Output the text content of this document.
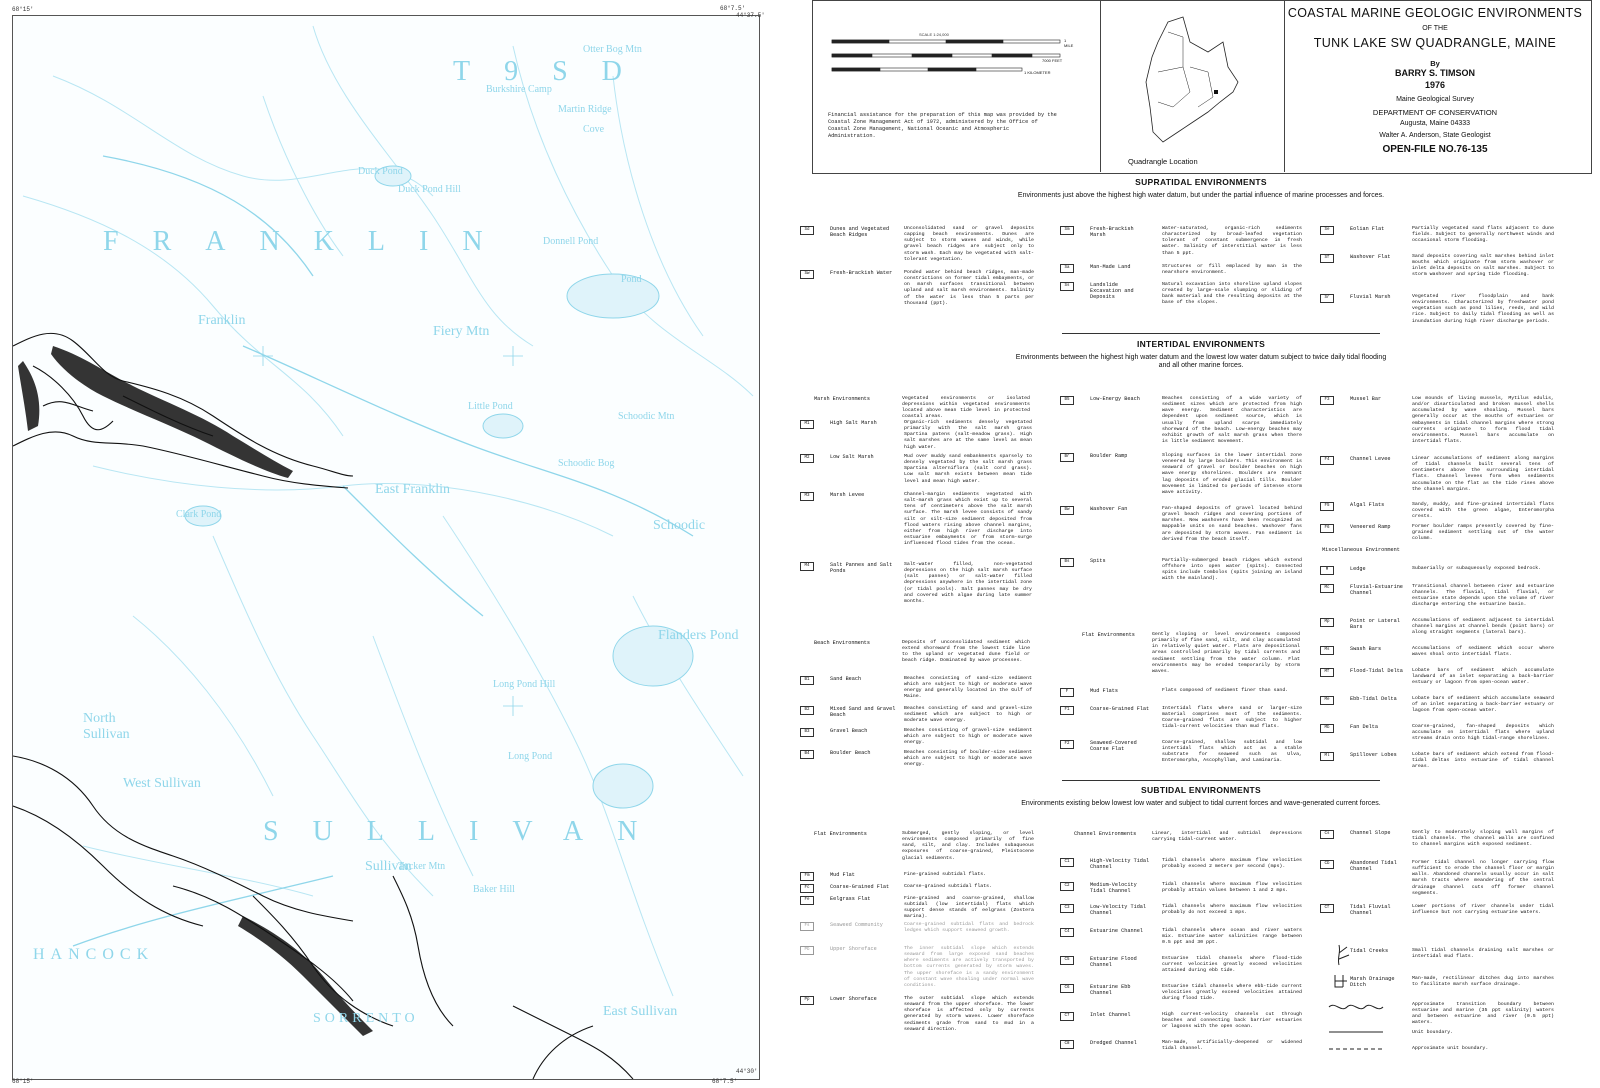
T9SD
FRANKLIN
SULLIVAN
HANCOCK
SORRENTO
Franklin
East Franklin
North Sullivan
West Sullivan
Sullivan
Fiery Mtn
Duck Pond
Duck Pond Hill
Martin Ridge
Cove
Schoodic Bog
Schoodic
Schoodic Mtn
Flanders Pond
Long Pond Hill
Long Pond
Little Pond
Clark Pond
Tucker Mtn
Baker Hill
East Sullivan
Otter Bog Mtn
Burkshire Camp
Donnell Pond
Pond
68°15'	68°7.5'
44°37.5'
68°15'	68°7.5'
44°30'
SCALE 1:24,000
1 MILE
7000 FEET
1 KILOMETER
Financial assistance for the preparation of this map was provided by the Coastal Zone Management Act of 1972, administered by the Office of Coastal Zone Management, National Oceanic and Atmospheric Administration.
Quadrangle Location
COASTAL MARINE GEOLOGIC ENVIRONMENTS
OF THE
TUNK LAKE SW QUADRANGLE, MAINE
By
BARRY S. TIMSON
1976
Maine Geological Survey
DEPARTMENT OF CONSERVATION
Augusta, Maine 04333
Walter A. Anderson, State Geologist
OPEN-FILE NO.76-135
SUPRATIDAL ENVIRONMENTS
Environments just above the highest high water datum, but under the partial influence of marine processes and forces.
Sd	Dunes and Vegetated Beach Ridges
Unconsolidated sand or gravel deposits capping beach environments. Dunes are subject to storm waves and winds, while gravel beach ridges are subject only to storm wash. Each may be vegetated with salt-tolerant vegetation.
Sw	Fresh-Brackish Water	Ponded water behind beach ridges, man-made constrictions on former tidal embayments, or on marsh surfaces transitional between upland and salt marsh environments. Salinity of the water is less than 5 parts per thousand (ppt).
Sm	Fresh-Brackish Marsh
Water-saturated, organic-rich sediments characterized by broad-leafed vegetation tolerant of constant submergence in fresh water. Salinity of interstitial water is less than 5 ppt.
Sa	Man-Made Land	Structures or fill emplaced by man in the nearshore environment.
Ss	Landslide Excavation and Deposits
Natural excavation into shoreline upland slopes created by large-scale slumping or sliding of bank material and the resulting deposits at the base of the slopes.
Se	Eolian Flat	Partially vegetated sand flats adjacent to dune fields. Subject to generally northwest winds and occasional storm flooding.
Sf	Washover Flat	Sand deposits covering salt marshes behind inlet mouths which originate from storm washover or inlet delta deposits on salt marshes. Subject to storm washover and spring tide flooding.
Sr	Fluvial Marsh	Vegetated river floodplain and bank environments. Characterized by freshwater pond vegetation such as pond lilies, reeds, and wild rice. Subject to daily tidal flooding as well as inundation during high river discharge periods.
INTERTIDAL ENVIRONMENTS
Environments between the highest high water datum and the lowest low water datum subject to twice daily tidal flooding and all other marine forces.
Marsh Environments	Vegetated environments or isolated depressions within vegetated environments located above mean tide level in protected coastal areas.
Beach Environments	Deposits of unconsolidated sediment which extend shoreward from the lowest tide line to the upland or vegetated dune field or beach ridge. Dominated by wave processes.
Flat Environments	Gently sloping or level environments composed primarily of fine sand, silt, and clay accumulated in relatively quiet water. Flats are depositional areas controlled primarily by tidal currents and sediment settling from the water column. Flat environments may be eroded temporarily by storm waves.
Miscellaneous Environment
M1	High Salt Marsh	Organic-rich sediments densely vegetated primarily with the salt marsh grass Spartina patens (salt-meadow grass). High salt marshes are at the same level as mean high water.
M2	Low Salt Marsh	Mud over muddy sand embankments sparsely to densely vegetated by the salt marsh grass Spartina alterniflora (salt cord grass). Low salt marsh exists between mean tide level and mean high water.
M3	Marsh Levee	Channel-margin sediments vegetated with salt-marsh grass which exist up to several tens of centimeters above the salt marsh surface. The marsh levee consists of sandy silt or silt-size sediment deposited from flood waters rising above channel margins, either from high river discharge into estuarine embayments or from storm-surge influenced flood tides from the ocean.
M4	Salt Pannes and Salt Ponds
Salt-water filled, non-vegetated depressions on the high salt marsh surface (salt pannes) or salt-water filled depressions anywhere in the intertidal zone (or tidal pools). Salt pannes may be dry and covered with algae during late summer months.
B1	Sand Beach	Beaches consisting of sand-size sediment which are subject to high or moderate wave energy and generally located in the Gulf of Maine.
B2	Mixed Sand and Gravel Beach
Beaches consisting of sand and gravel-size sediment which are subject to high or moderate wave energy.
B3	Gravel Beach	Beaches consisting of gravel-size sediment which are subject to high or moderate wave energy.
B4	Boulder Beach	Beaches consisting of boulder-size sediment which are subject to high or moderate wave energy.
B5	Low-Energy Beach	Beaches consisting of a wide variety of sediment sizes which are protected from high wave energy. Sediment characteristics are dependent upon sediment source, which is usually from upland scarps immediately shoreward of the beach. Low-energy beaches may exhibit growth of salt marsh grass when there is little sediment movement.
Br	Boulder Ramp	Sloping surfaces in the lower intertidal zone veneered by large boulders. This environment is seaward of gravel or boulder beaches on high wave energy shorelines. Boulders are remnant lag deposits of eroded glacial tills. Boulder movement is limited to periods of intense storm wave activity.
Bw	Washover Fan	Fan-shaped deposits of gravel located behind gravel beach ridges and covering portions of marshes. New washovers have been recognized as mappable units on sand beaches. Washover fans are deposited by storm waves. Fan sediment is derived from the beach itself.
Bs	Spits	Partially-submerged beach ridges which extend offshore into open water (spits). Connected spits include tombolos (spits joining an island with the mainland).
F	Mud Flats	Flats composed of sediment finer than sand.
F1	Coarse-Grained Flat	Intertidal flats where sand or larger-size material comprises most of the sediments. Coarse-grained flats are subject to higher tidal-current velocities than mud flats.
F2	Seaweed-Covered Coarse Flat
Coarse-grained, shallow subtidal and low intertidal flats which act as a stable substrate for seaweed such as Ulva, Enteromorpha, Ascophyllum, and Laminaria.
F3	Mussel Bar	Low mounds of living mussels, Mytilus edulis, and/or disarticulated and broken mussel shells accumulated by wave shoaling. Mussel bars generally occur at the mouths of estuaries or embayments in tidal channel margins where strong currents originate to form flood tidal environments. Mussel bars accumulate on intertidal flats.
F4	Channel Levee	Linear accumulations of sediment along margins of tidal channels built several tens of centimeters above the surrounding intertidal flats. Channel levees form when sediments accumulate on the flat as the tide rises above the channel margins.
F5	Algal Flats	Sandy, muddy, and fine-grained intertidal flats covered with the green algae, Enteromorpha crests.
F6	Veneered Ramp	Former boulder ramps presently covered by fine-grained sediment settling out of the water column.
M	Ledge	Subaerially or subaqueously exposed bedrock.
Mc	Fluvial-Estuarine Channel
Transitional channel between river and estuarine channels. The fluvial, tidal fluvial, or estuarine state depends upon the volume of river discharge entering the estuarine basin.
Mp	Point or Lateral Bars
Accumulations of sediment adjacent to intertidal channel margins at channel bends (point bars) or along straight segments (lateral bars).
Ms	Swash Bars	Accumulations of sediment which occur where waves shoal onto intertidal flats.
Mf	Flood-Tidal Delta	Lobate bars of sediment which accumulate landward of an inlet separating a back-barrier estuary or lagoon from open-ocean water.
Me	Ebb-Tidal Delta	Lobate bars of sediment which accumulate seaward of an inlet separating a back-barrier estuary or lagoon from open-ocean water.
Mb	Fan Delta	Coarse-grained, fan-shaped deposits which accumulate on intertidal flats where upland streams drain onto high tidal-range shorelines.
Ml	Spillover Lobes	Lobate bars of sediment which extend from flood-tidal deltas into estuarine of tidal channel areas.
SUBTIDAL ENVIRONMENTS
Environments existing below lowest low water and subject to tidal current forces and wave-generated current forces.
Flat Environments	Submerged, gently sloping, or level environments composed primarily of fine sand, silt, and clay. Includes subaqueous exposures of coarse-grained, Pleistocene glacial sediments.
Channel Environments	Linear, intertidal and subtidal depressions carrying tidal-current water.
Fm	Mud Flat	Fine-grained subtidal flats.
Fc	Coarse-Grained Flat	Coarse-grained subtidal flats.
Fe	Eelgrass Flat	Fine-grained and coarse-grained, shallow subtidal (low intertidal) flats which support dense stands of eelgrass (Zostera marina).
Fs	Seaweed Community	Coarse-grained subtidal flats and bedrock ledges which support seaweed growth.
Pb	Upper Shoreface	The inner subtidal slope which extends seaward from large exposed sand beaches where sediments are actively transported by bottom currents generated by storm waves. The upper shoreface is a sandy environment of constant wave shoaling under normal wave conditions.
Pp	Lower Shoreface	The outer subtidal slope which extends seaward from the upper shoreface. The lower shoreface is affected only by currents generated by storm waves. Lower shoreface sediments grade from sand to mud in a seaward direction.
C1	High-Velocity Tidal Channel
Tidal channels where maximum flow velocities probably exceed 2 meters per second (mps).
C2	Medium-Velocity Tidal Channel
Tidal channels where maximum flow velocities probably attain values between 1 and 2 mps.
C3	Low-Velocity Tidal Channel
Tidal channels where maximum flow velocities probably do not exceed 1 mps.
C4	Estuarine Channel	Tidal channels where ocean and river waters mix. Estuarine water salinities range between 0.5 ppt and 30 ppt.
C5	Estuarine Flood Channel
Estuarine tidal channels where flood-tide current velocities greatly exceed velocities attained during ebb tide.
C6	Estuarine Ebb Channel
Estuarine tidal channels where ebb-tide current velocities greatly exceed velocities attained during flood tide.
C7	Inlet Channel	High current-velocity channels cut through beaches and connecting back barrier estuaries or lagoons with the open ocean.
C8	Dredged Channel	Man-made, artificially-deepened or widened tidal channel.
Cs	Channel Slope	Gently to moderately sloping wall margins of tidal channels. The channel walls are confined to channel margins with exposed sediment.
Cb	Abandoned Tidal Channel
Former tidal channel no longer carrying flow sufficient to erode the channel floor or margin walls. Abandoned channels usually occur in salt marsh tracts where meandering of the central drainage channel cuts off former channel segments.
Cf	Tidal Fluvial Channel
Lower portions of river channels under tidal influence but not carrying estuarine waters.
Tidal Creeks	Small tidal channels draining salt marshes or intertidal mud flats.
Marsh Drainage Ditch
Man-made, rectilinear ditches dug into marshes to facilitate marsh surface drainage.
Approximate transition boundary between estuarine and marine (35 ppt salinity) waters and between estuarine and river (0.5 ppt) waters.
Unit boundary.
Approximate unit boundary.
